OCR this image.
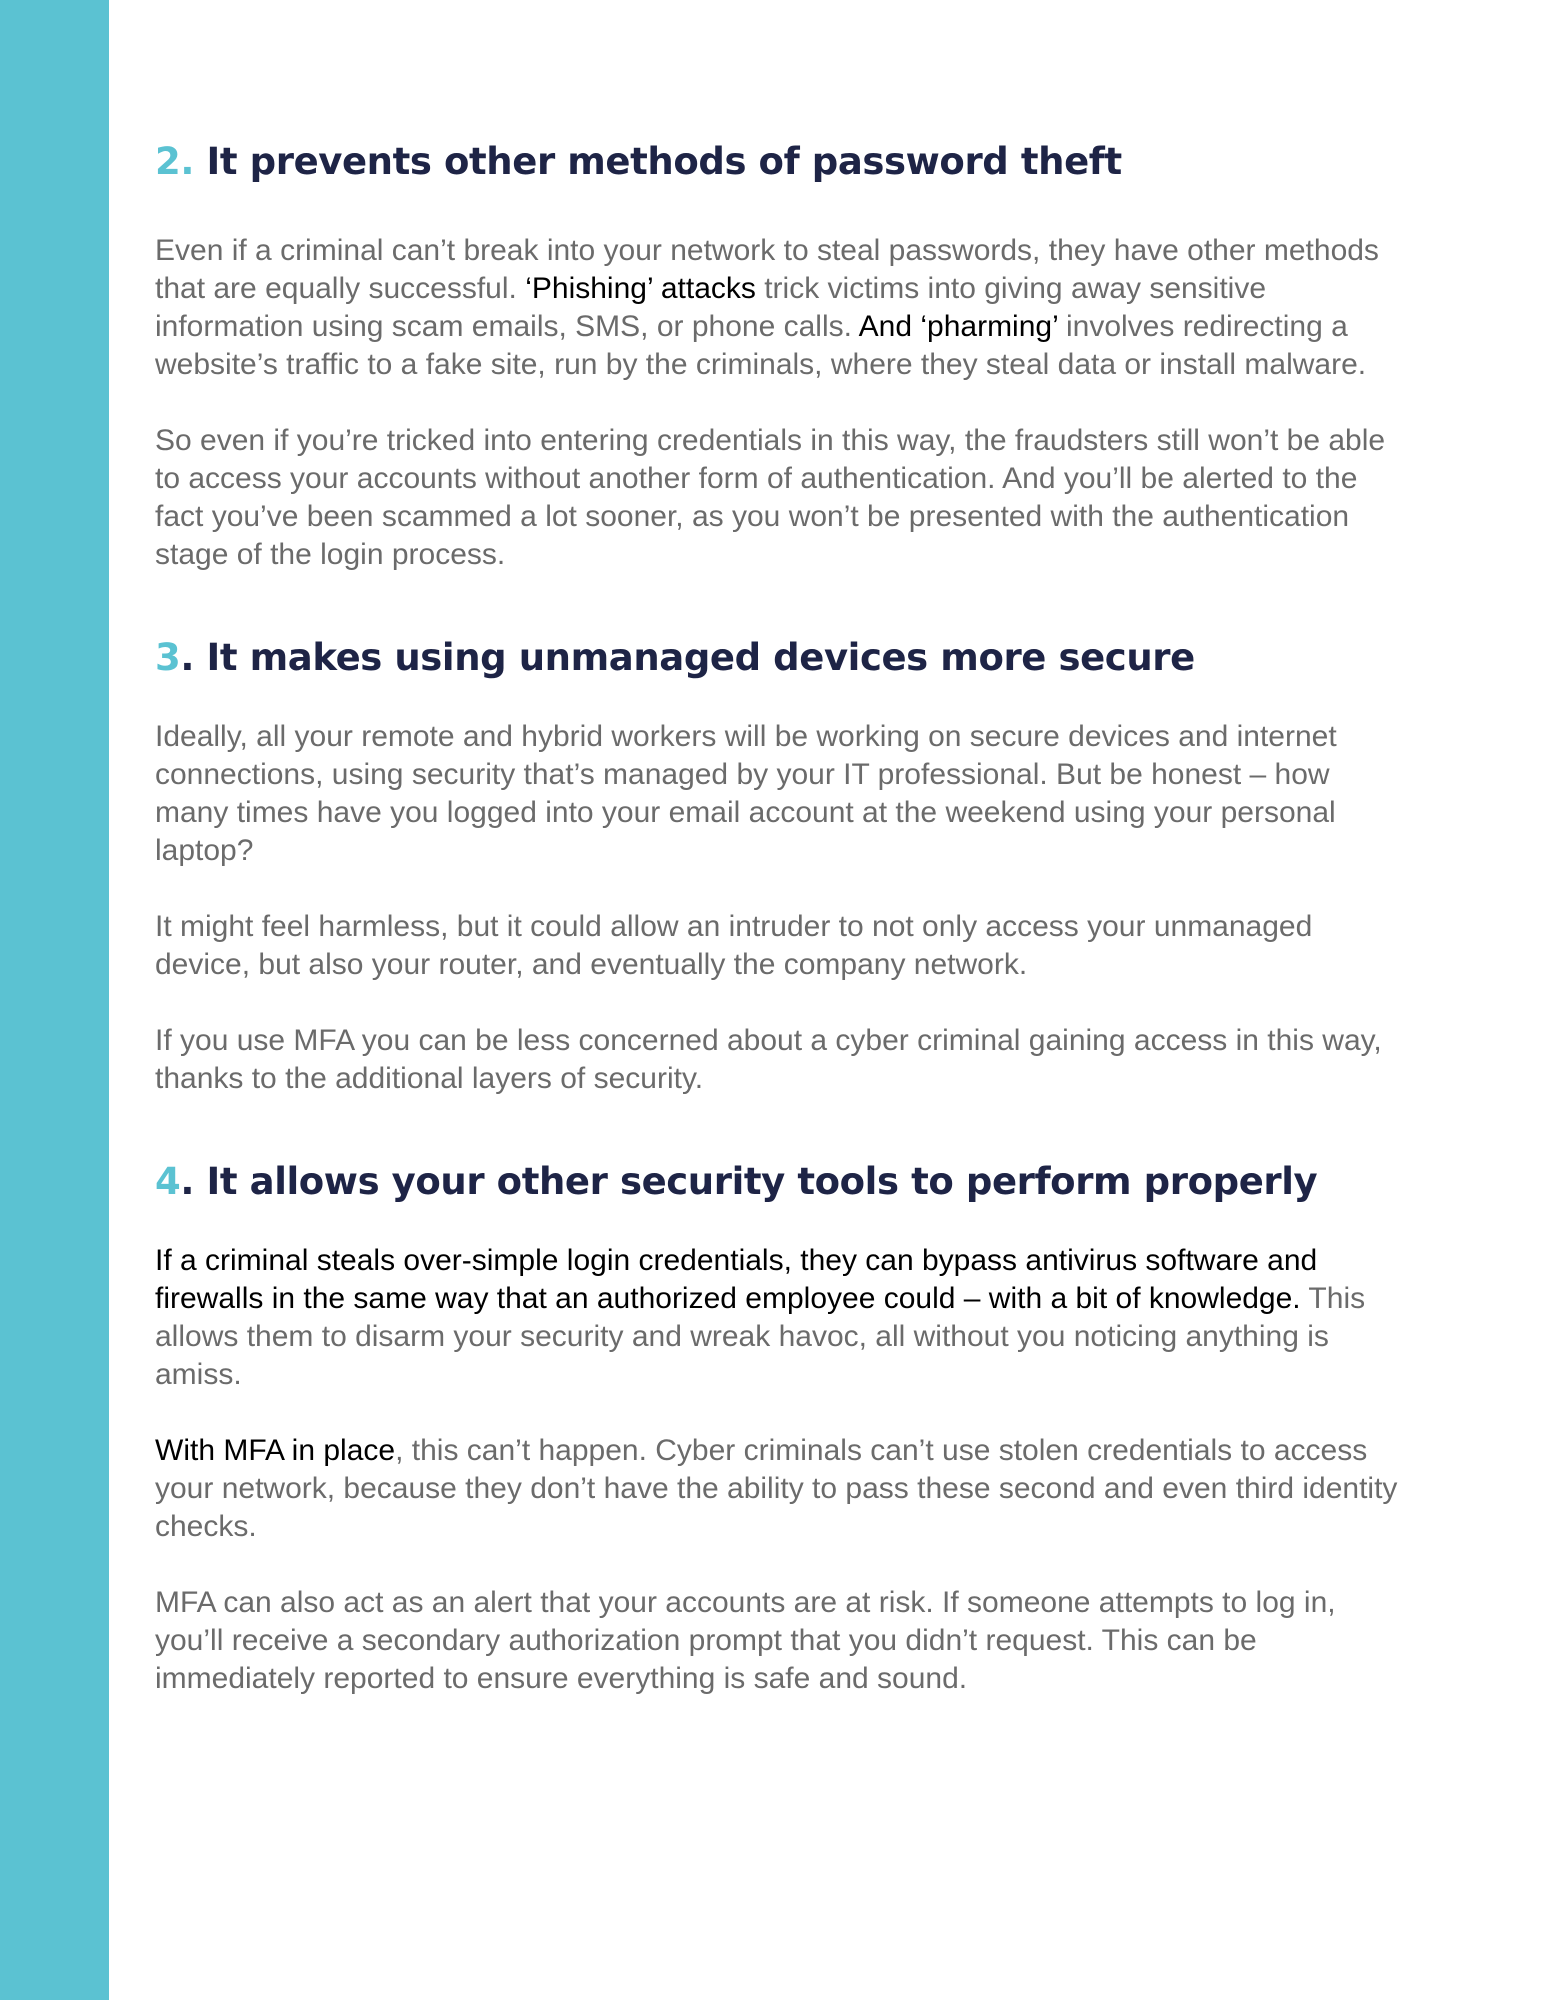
2. It prevents other methods of password theft

Even if a criminal can’t break into your network to steal passwords, they have other methods that are equally successful. ‘Phishing’ attacks trick victims into giving away sensitive information using scam emails, SMS, or phone calls. And ‘pharming’ involves redirecting a website’s traffic to a fake site, run by the criminals, where they steal data or install malware.

So even if you’re tricked into entering credentials in this way, the fraudsters still won’t be able to access your accounts without another form of authentication. And you’ll be alerted to the fact you’ve been scammed a lot sooner, as you won’t be presented with the authentication stage of the login process.

3. It makes using unmanaged devices more secure

Ideally, all your remote and hybrid workers will be working on secure devices and internet connections, using security that’s managed by your IT professional. But be honest – how many times have you logged into your email account at the weekend using your personal laptop?

It might feel harmless, but it could allow an intruder to not only access your unmanaged device, but also your router, and eventually the company network.

If you use MFA you can be less concerned about a cyber criminal gaining access in this way, thanks to the additional layers of security.

4. It allows your other security tools to perform properly

If a criminal steals over-simple login credentials, they can bypass antivirus software and firewalls in the same way that an authorized employee could – with a bit of knowledge. This allows them to disarm your security and wreak havoc, all without you noticing anything is amiss.

With MFA in place, this can’t happen. Cyber criminals can’t use stolen credentials to access your network, because they don’t have the ability to pass these second and even third identity checks.

MFA can also act as an alert that your accounts are at risk. If someone attempts to log in, you’ll receive a secondary authorization prompt that you didn’t request. This can be immediately reported to ensure everything is safe and sound.
